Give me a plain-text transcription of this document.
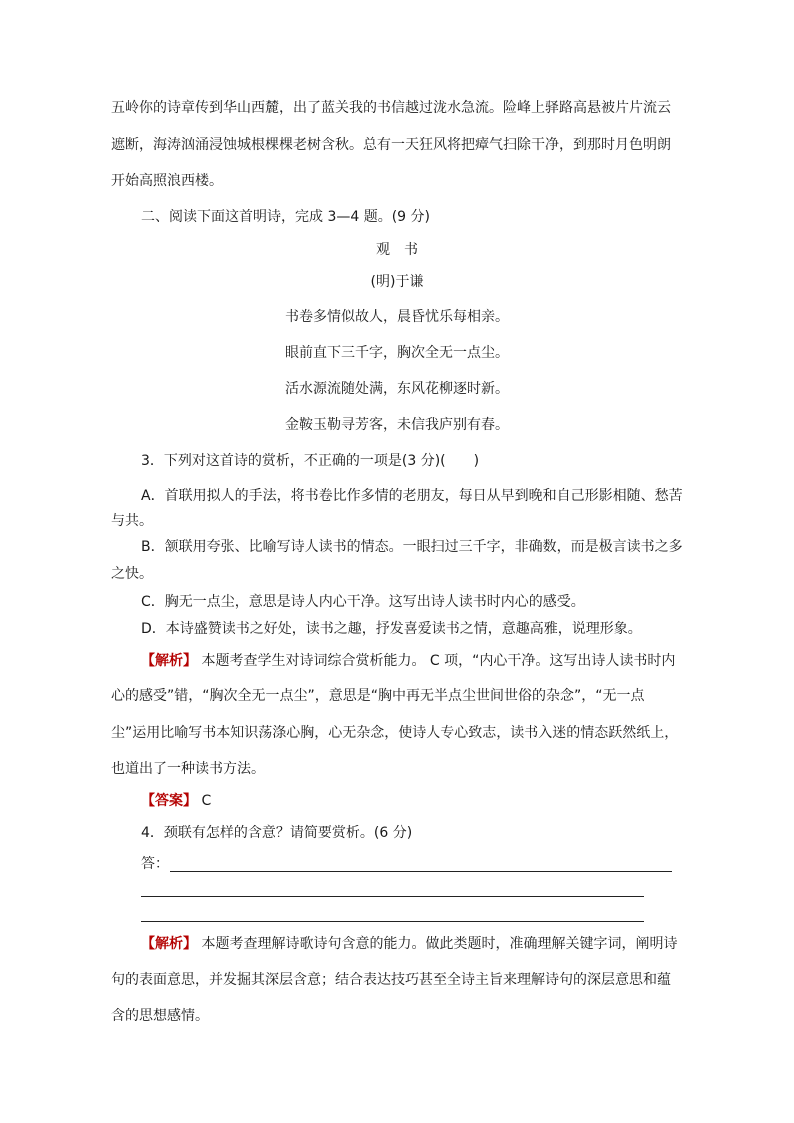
五岭你的诗章传到华山西麓，出了蓝关我的书信越过泷水急流。险峰上驿路高悬被片片流云
遮断，海涛汹涌浸蚀城根棵棵老树含秋。总有一天狂风将把瘴气扫除干净，到那时月色明朗
开始高照浪西楼。
二、阅读下面这首明诗，完成 3—4 题。(9 分)
观　书
(明)于谦
书卷多情似故人，晨昏忧乐每相亲。
眼前直下三千字，胸次全无一点尘。
活水源流随处满，东风花柳逐时新。
金鞍玉勒寻芳客，未信我庐别有春。
3．下列对这首诗的赏析，不正确的一项是(3 分)(　　)
A．首联用拟人的手法，将书卷比作多情的老朋友，每日从早到晚和自己形影相随、愁苦
与共。
B．颔联用夸张、比喻写诗人读书的情态。一眼扫过三千字，非确数，而是极言读书之多
之快。
C．胸无一点尘，意思是诗人内心干净。这写出诗人读书时内心的感受。
D．本诗盛赞读书之好处，读书之趣，抒发喜爱读书之情，意趣高雅，说理形象。
【解析】 本题考查学生对诗词综合赏析能力。 C 项，“内心干净。这写出诗人读书时内
心的感受”错，“胸次全无一点尘”，意思是“胸中再无半点尘世间世俗的杂念”，“无一点
尘”运用比喻写书本知识荡涤心胸，心无杂念，使诗人专心致志，读书入迷的情态跃然纸上，
也道出了一种读书方法。
【答案】 C
4．颈联有怎样的含意？请简要赏析。(6 分)
答：
【解析】 本题考查理解诗歌诗句含意的能力。做此类题时，准确理解关键字词，阐明诗
句的表面意思，并发掘其深层含意；结合表达技巧甚至全诗主旨来理解诗句的深层意思和蕴
含的思想感情。
